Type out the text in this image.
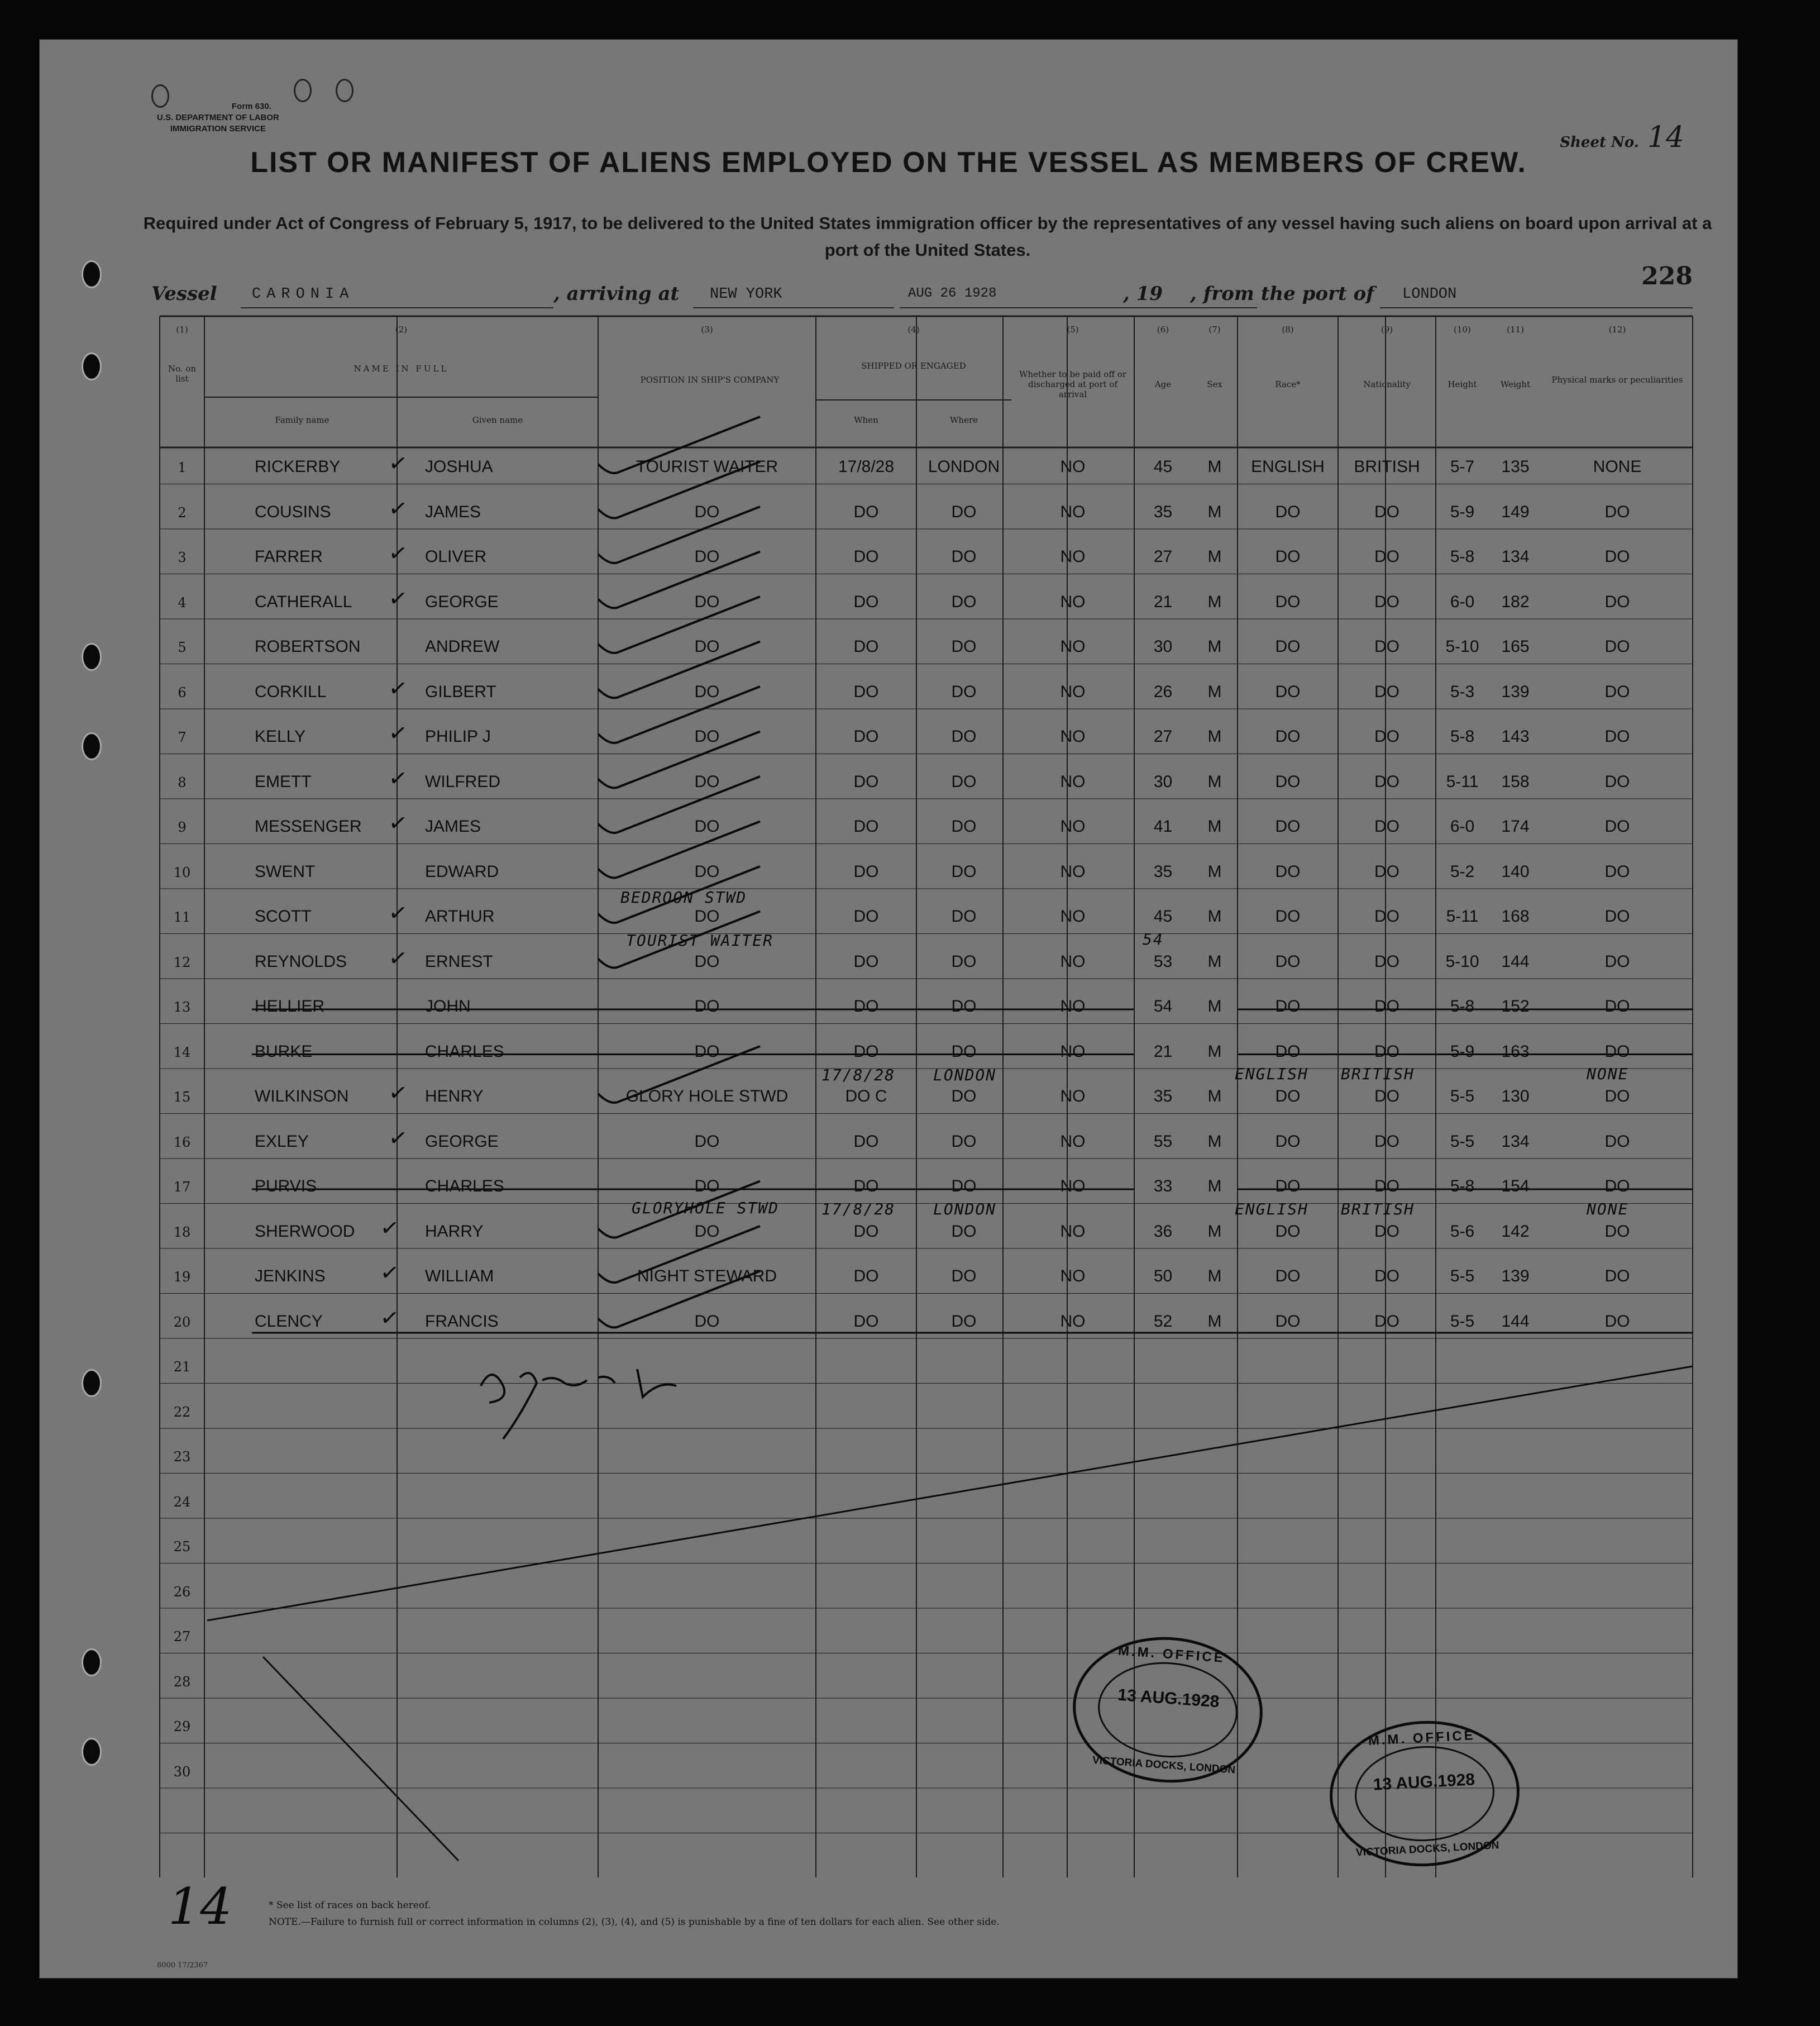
Form 630.
U.S. DEPARTMENT OF LABOR
IMMIGRATION SERVICE
Sheet No. 14
LIST OR MANIFEST OF ALIENS EMPLOYED ON THE VESSEL AS MEMBERS OF CREW.
Required under Act of Congress of February 5, 1917, to be delivered to the United States immigration officer by the representatives of any vessel having such aliens on board upon arrival at a port of the United States.
Vessel CARONIA	, arriving at NEW YORK	AUG 26 1928	, 19 , from the port of LONDON
228
(1)	(2)	(3)	(4)	(5)	(6)	(7)	(8)	(9)	(10)	(11)	(12)
No. on list
NAME IN FULL
Family name	Given name
POSITION IN SHIP'S COMPANY
SHIPPED OR ENGAGED
When	Where
Whether to be paid off or discharged at port of arrival
Age	Sex	Race*	Nationality	Height	Weight	Physical marks or peculiarities
1	RICKERBY	JOSHUA	TOURIST WAITER	17/8/28	LONDON	NO	45	M	ENGLISH	BRITISH	5-7	135	NONE
✓
2	COUSINS	JAMES	DO	DO	DO	NO	35	M	DO	DO	5-9	149	DO
✓
3	FARRER	OLIVER	DO	DO	DO	NO	27	M	DO	DO	5-8	134	DO
✓
4	CATHERALL	GEORGE	DO	DO	DO	NO	21	M	DO	DO	6-0	182	DO
✓
5	ROBERTSON	ANDREW	DO	DO	DO	NO	30	M	DO	DO	5-10	165	DO
6	CORKILL	GILBERT	DO	DO	DO	NO	26	M	DO	DO	5-3	139	DO
✓
7	KELLY	PHILIP J	DO	DO	DO	NO	27	M	DO	DO	5-8	143	DO
✓
8	EMETT	WILFRED	DO	DO	DO	NO	30	M	DO	DO	5-11	158	DO
✓
9	MESSENGER	JAMES	DO	DO	DO	NO	41	M	DO	DO	6-0	174	DO
✓
10	SWENT	EDWARD	DO	DO	DO	NO	35	M	DO	DO	5-2	140	DO
11	SCOTT	ARTHUR	DO	DO	DO	NO	45	M	DO	DO	5-11	168	DO
✓
12	REYNOLDS	ERNEST	DO	DO	DO	NO	53	M	DO	DO	5-10	144	DO
✓
13	HELLIER	JOHN	DO	DO	DO	NO	54	M	DO	DO	5-8	152	DO
14	BURKE	CHARLES	DO	DO	DO	NO	21	M	DO	DO	5-9	163	DO
15	WILKINSON	HENRY	GLORY HOLE STWD	DO C	DO	NO	35	M	DO	DO	5-5	130	DO
✓
16	EXLEY	GEORGE	DO	DO	DO	NO	55	M	DO	DO	5-5	134	DO
✓
17	PURVIS	CHARLES	DO	DO	DO	NO	33	M	DO	DO	5-8	154	DO
18	SHERWOOD	HARRY	DO	DO	DO	NO	36	M	DO	DO	5-6	142	DO
✓
19	JENKINS	WILLIAM	NIGHT STEWARD	DO	DO	NO	50	M	DO	DO	5-5	139	DO
✓
20	CLENCY	FRANCIS	DO	DO	DO	NO	52	M	DO	DO	5-5	144	DO
✓
21
22
23
24
25
26
27
28
29
30
BEDROON STWD
TOURIST WAITER	54
17/8/28 LONDON	ENGLISH BRITISH	NONE
GLORYHOLE STWD	17/8/28 LONDON	ENGLISH BRITISH	NONE
M.M. OFFICE
13 AUG.1928
VICTORIA DOCKS, LONDON
M.M. OFFICE
13 AUG.1928
VICTORIA DOCKS, LONDON
14	* See list of races on back hereof.
NOTE.—Failure to furnish full or correct information in columns (2), (3), (4), and (5) is punishable by a fine of ten dollars for each alien. See other side.
8000 17/2367
